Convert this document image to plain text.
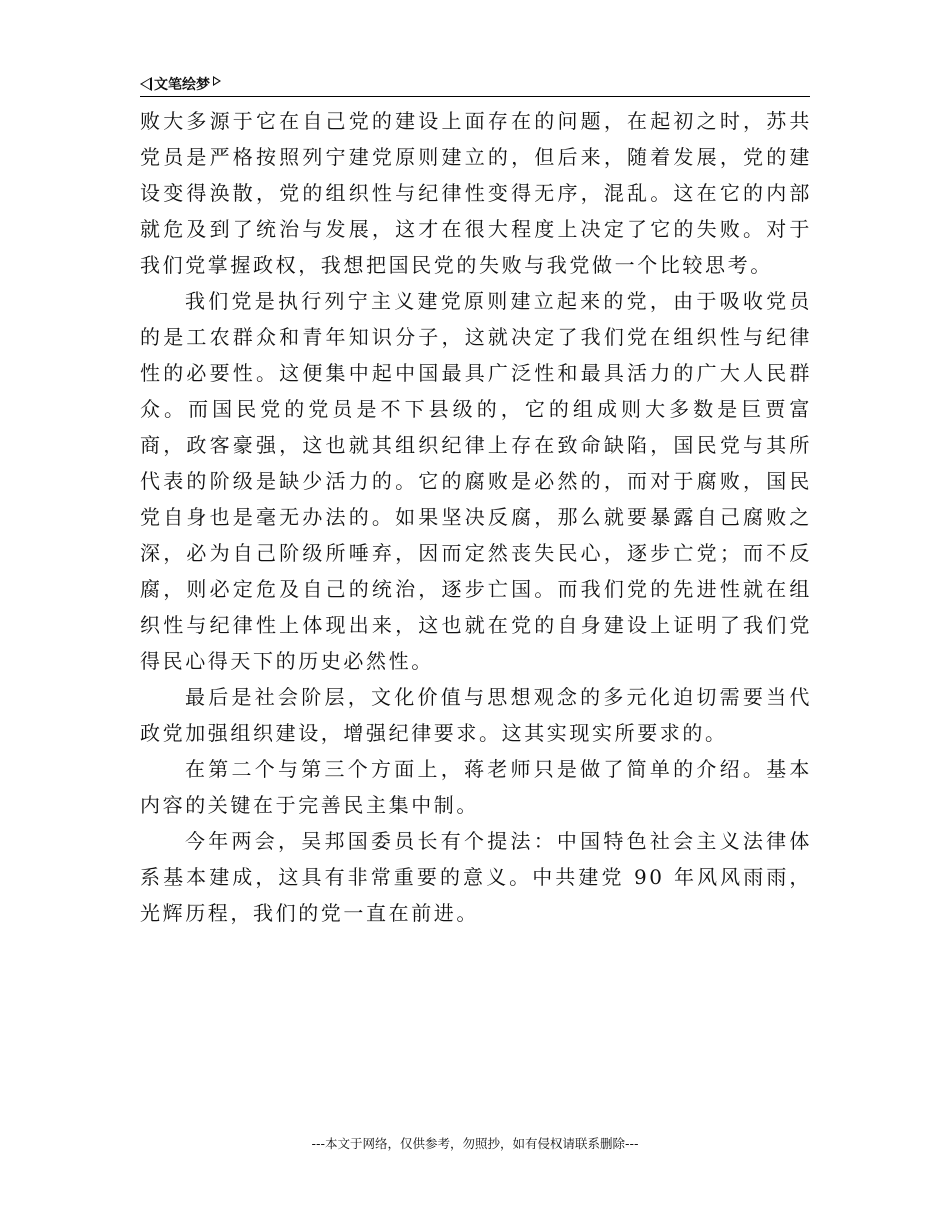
文笔绘梦

败大多源于它在自己党的建设上面存在的问题，在起初之时，苏共党员是严格按照列宁建党原则建立的，但后来，随着发展，党的建设变得涣散，党的组织性与纪律性变得无序，混乱。这在它的内部就危及到了统治与发展，这才在很大程度上决定了它的失败。对于我们党掌握政权，我想把国民党的失败与我党做一个比较思考。

我们党是执行列宁主义建党原则建立起来的党，由于吸收党员的是工农群众和青年知识分子，这就决定了我们党在组织性与纪律性的必要性。这便集中起中国最具广泛性和最具活力的广大人民群众。而国民党的党员是不下县级的，它的组成则大多数是巨贾富商，政客豪强，这也就其组织纪律上存在致命缺陷，国民党与其所代表的阶级是缺少活力的。它的腐败是必然的，而对于腐败，国民党自身也是毫无办法的。如果坚决反腐，那么就要暴露自己腐败之深，必为自己阶级所唾弃，因而定然丧失民心，逐步亡党；而不反腐，则必定危及自己的统治，逐步亡国。而我们党的先进性就在组织性与纪律性上体现出来，这也就在党的自身建设上证明了我们党得民心得天下的历史必然性。

最后是社会阶层，文化价值与思想观念的多元化迫切需要当代政党加强组织建设，增强纪律要求。这其实现实所要求的。

在第二个与第三个方面上，蒋老师只是做了简单的介绍。基本内容的关键在于完善民主集中制。

今年两会，吴邦国委员长有个提法：中国特色社会主义法律体系基本建成，这具有非常重要的意义。中共建党 90 年风风雨雨，光辉历程，我们的党一直在前进。

---本文于网络，仅供参考，勿照抄，如有侵权请联系删除---
